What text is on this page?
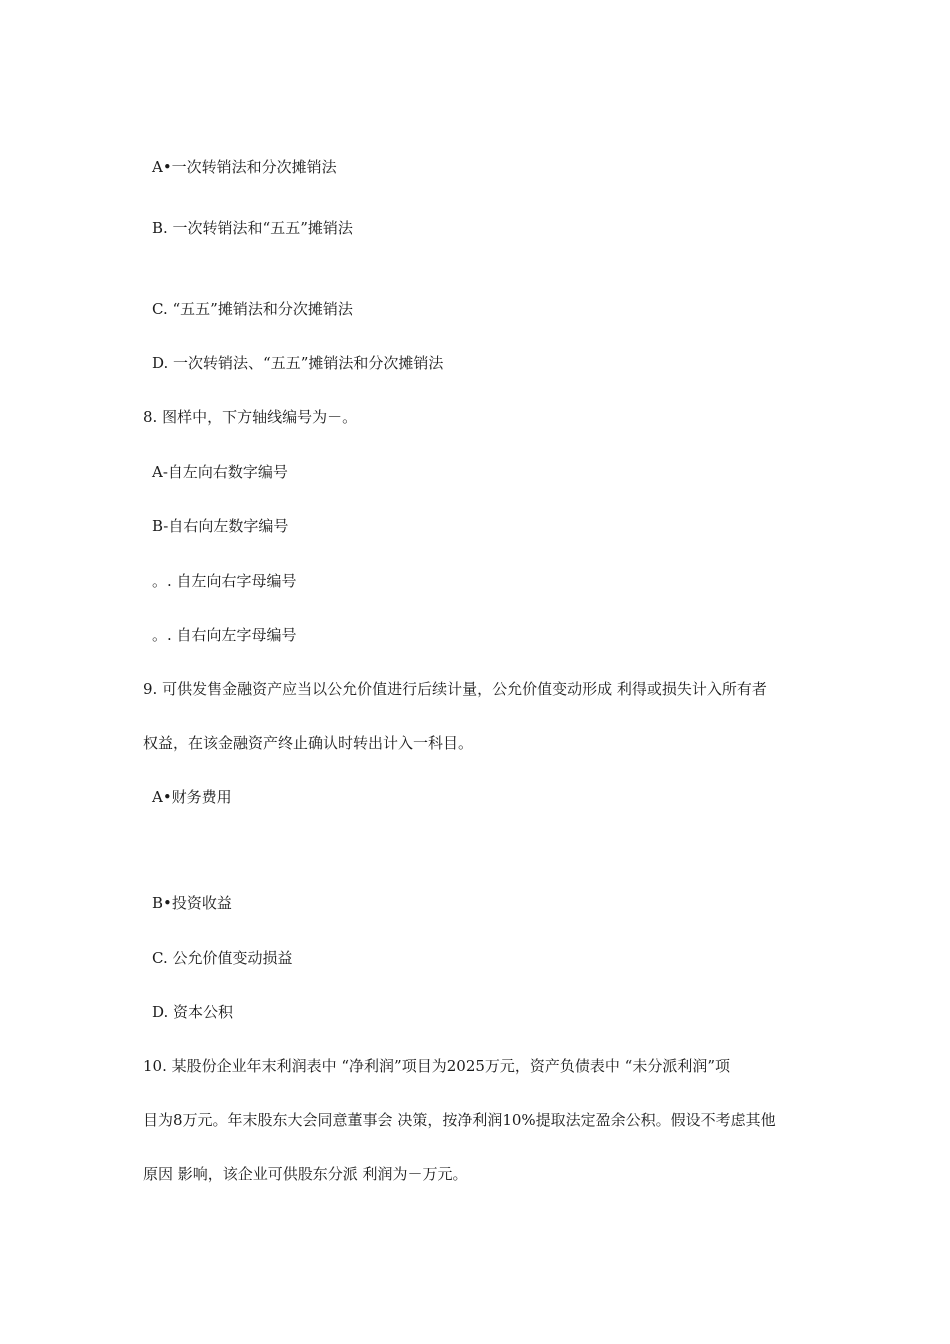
A•一次转销法和分次摊销法
B. 一次转销法和“五五”摊销法
C. “五五”摊销法和分次摊销法
D. 一次转销法、“五五”摊销法和分次摊销法
8. 图样中，下方轴线编号为－。
A-自左向右数字编号
B-自右向左数字编号
。. 自左向右字母编号
。. 自右向左字母编号
9. 可供发售金融资产应当以公允价值进行后续计量，公允价值变动形成 利得或损失计入所有者
权益，在该金融资产终止确认时转出计入一科目。
A•财务费用
B•投资收益
C. 公允价值变动损益
D. 资本公积
10. 某股份企业年末利润表中 “净利润”项目为2025万元，资产负债表中 “未分派利润”项
目为8万元。年末股东大会同意董事会 决策，按净利润10%提取法定盈余公积。假设不考虑其他
原因 影响，该企业可供股东分派 利润为－万元。
